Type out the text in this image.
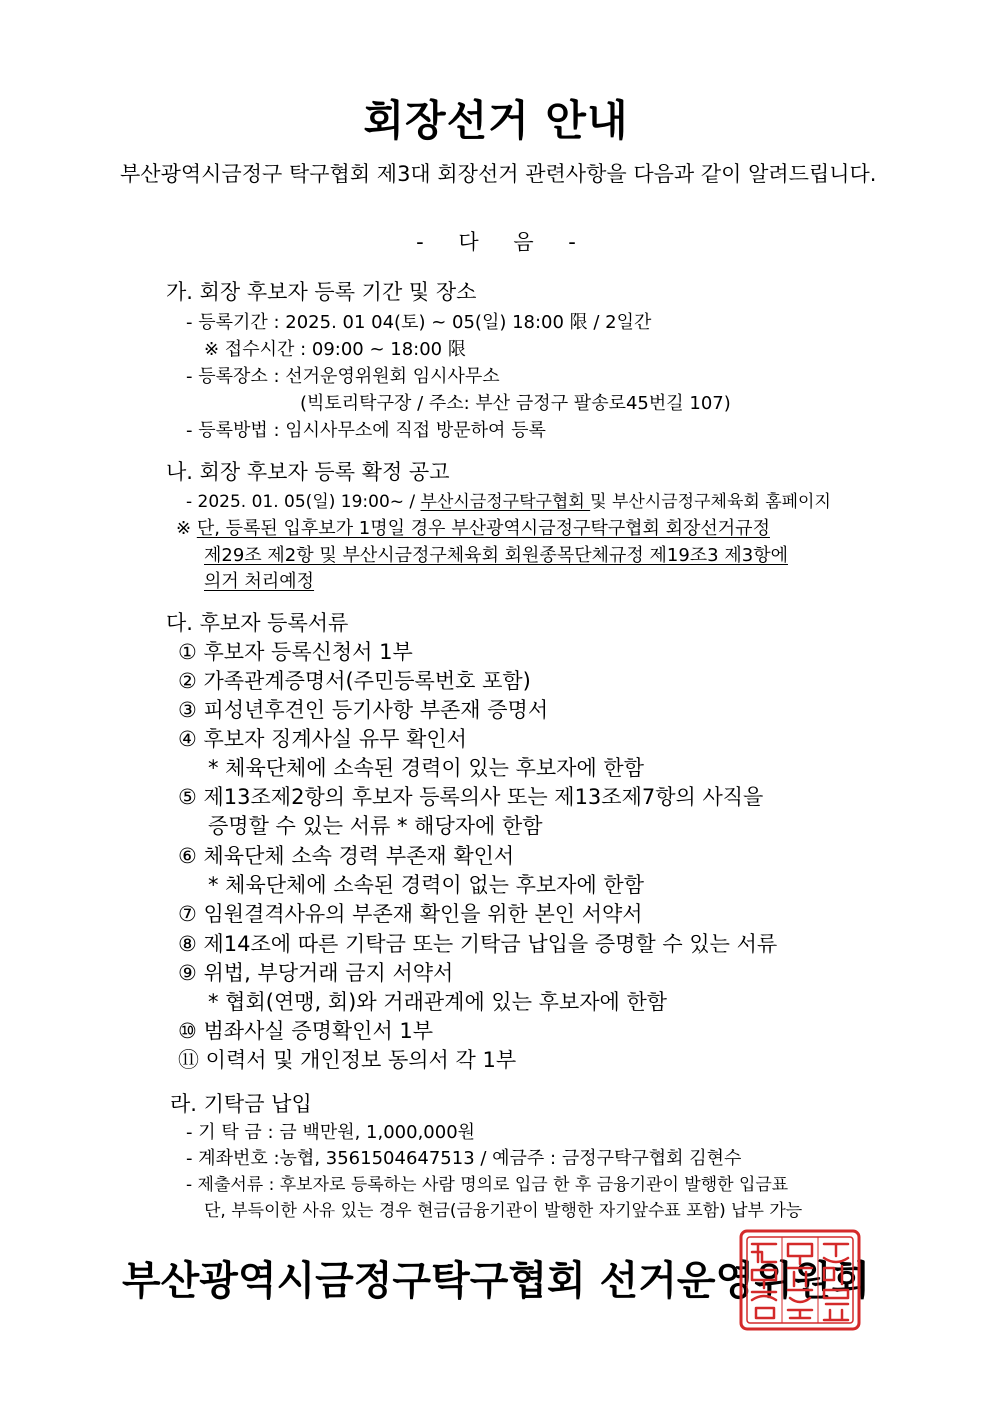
회장선거 안내

부산광역시금정구 탁구협회 제3대 회장선거 관련사항을 다음과 같이 알려드립니다.

- 다 음 -
가. 회장 후보자 등록 기간 및 장소
- 등록기간 : 2025. 01 04(토) ~ 05(일) 18:00 限 / 2일간
※ 접수시간 : 09:00 ~ 18:00 限
- 등록장소 : 선거운영위원회 임시사무소
(빅토리탁구장 / 주소: 부산 금정구 팔송로45번길 107)
- 등록방법 : 임시사무소에 직접 방문하여 등록
나. 회장 후보자 등록 확정 공고
- 2025. 01. 05(일) 19:00~ / 부산시금정구탁구협회 및 부산시금정구체육회 홈페이지
※ 단, 등록된 입후보가 1명일 경우 부산광역시금정구탁구협회 회장선거규정
제29조 제2항 및 부산시금정구체육회 회원종목단체규정 제19조3 제3항에
의거 처리예정
다. 후보자 등록서류
① 후보자 등록신청서 1부
② 가족관계증명서(주민등록번호 포함)
③ 피성년후견인 등기사항 부존재 증명서
④ 후보자 징계사실 유무 확인서
* 체육단체에 소속된 경력이 있는 후보자에 한함
⑤ 제13조제2항의 후보자 등록의사 또는 제13조제7항의 사직을
증명할 수 있는 서류 * 해당자에 한함
⑥ 체육단체 소속 경력 부존재 확인서
* 체육단체에 소속된 경력이 없는 후보자에 한함
⑦ 임원결격사유의 부존재 확인을 위한 본인 서약서
⑧ 제14조에 따른 기탁금 또는 기탁금 납입을 증명할 수 있는 서류
⑨ 위법, 부당거래 금지 서약서
* 협회(연맹, 회)와 거래관계에 있는 후보자에 한함
⑩ 범좌사실 증명확인서 1부
⑪ 이력서 및 개인정보 동의서 각 1부
라. 기탁금 납입
- 기 탁 금 : 금 백만원, 1,000,000원
- 계좌번호 :농협, 3561504647513 / 예금주 : 금정구탁구협회 김현수
- 제출서류 : 후보자로 등록하는 사람 명의로 입금 한 후 금융기관이 발행한 입금표
단, 부득이한 사유 있는 경우 현금(금융기관이 발행한 자기앞수표 포함) 납부 가능
부산광역시금정구탁구협회 선거운영위원회
